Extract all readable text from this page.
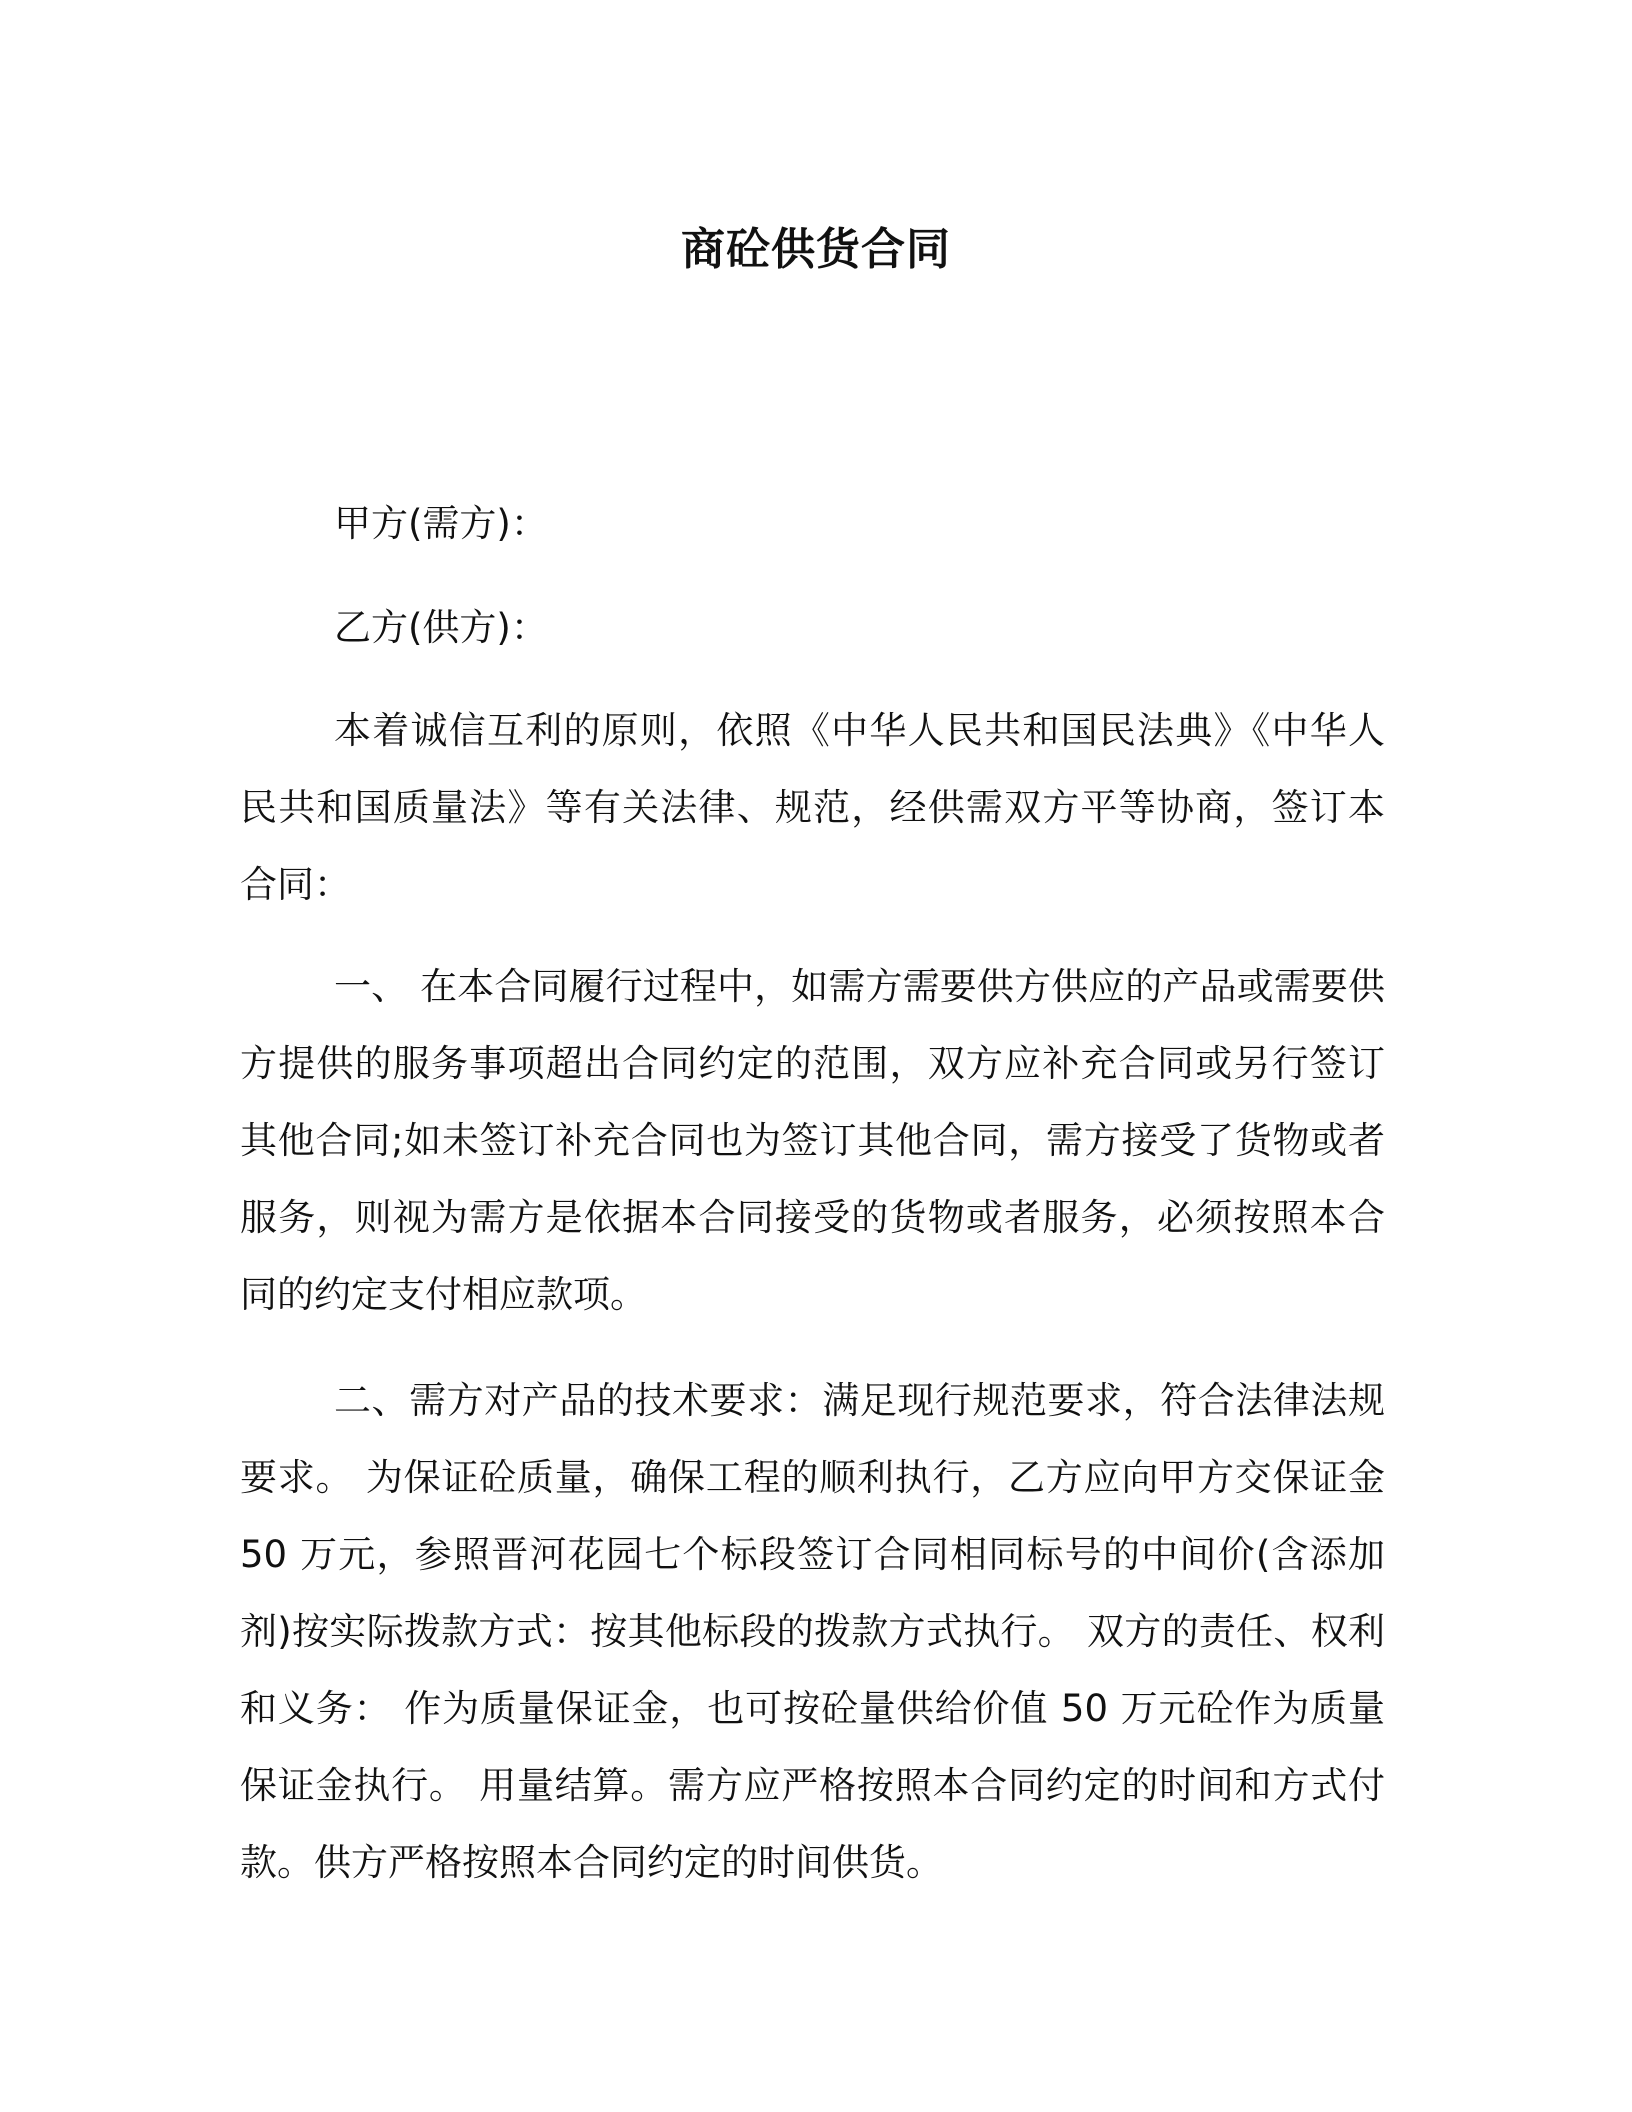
商砼供货合同
甲方(需方)：
乙方(供方)：
本着诚信互利的原则，依照《中华人民共和国民法典》《中华人民共和国质量法》等有关法律、规范，经供需双方平等协商，签订本合同：
一、 在本合同履行过程中，如需方需要供方供应的产品或需要供方提供的服务事项超出合同约定的范围，双方应补充合同或另行签订其他合同;如未签订补充合同也为签订其他合同，需方接受了货物或者服务，则视为需方是依据本合同接受的货物或者服务，必须按照本合同的约定支付相应款项。
二、需方对产品的技术要求：满足现行规范要求，符合法律法规要求。 为保证砼质量，确保工程的顺利执行，乙方应向甲方交保证金 50 万元，参照晋河花园七个标段签订合同相同标号的中间价(含添加剂)按实际拨款方式：按其他标段的拨款方式执行。 双方的责任、权利和义务： 作为质量保证金，也可按砼量供给价值 50 万元砼作为质量保证金执行。 用量结算。需方应严格按照本合同约定的时间和方式付款。供方严格按照本合同约定的时间供货。
